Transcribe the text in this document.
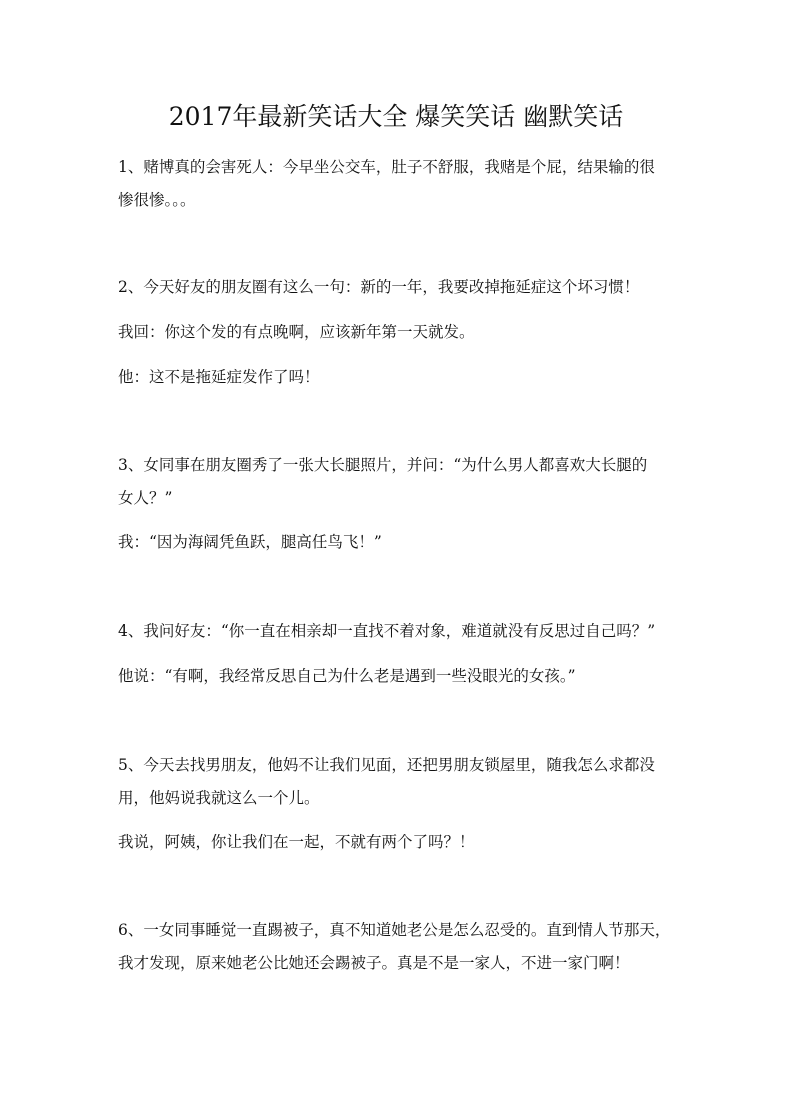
2017年最新笑话大全 爆笑笑话 幽默笑话
1、赌博真的会害死人：今早坐公交车，肚子不舒服，我赌是个屁，结果输的很
惨很惨。。。
2、今天好友的朋友圈有这么一句：新的一年，我要改掉拖延症这个坏习惯！
我回：你这个发的有点晚啊，应该新年第一天就发。
他：这不是拖延症发作了吗！
3、女同事在朋友圈秀了一张大长腿照片，并问：“为什么男人都喜欢大长腿的
女人？”
我：“因为海阔凭鱼跃，腿高任鸟飞！”
4、我问好友：“你一直在相亲却一直找不着对象，难道就没有反思过自己吗？”
他说：“有啊，我经常反思自己为什么老是遇到一些没眼光的女孩。”
5、今天去找男朋友，他妈不让我们见面，还把男朋友锁屋里，随我怎么求都没
用，他妈说我就这么一个儿。
我说，阿姨，你让我们在一起，不就有两个了吗？！
6、一女同事睡觉一直踢被子，真不知道她老公是怎么忍受的。直到情人节那天，
我才发现，原来她老公比她还会踢被子。真是不是一家人，不进一家门啊！
